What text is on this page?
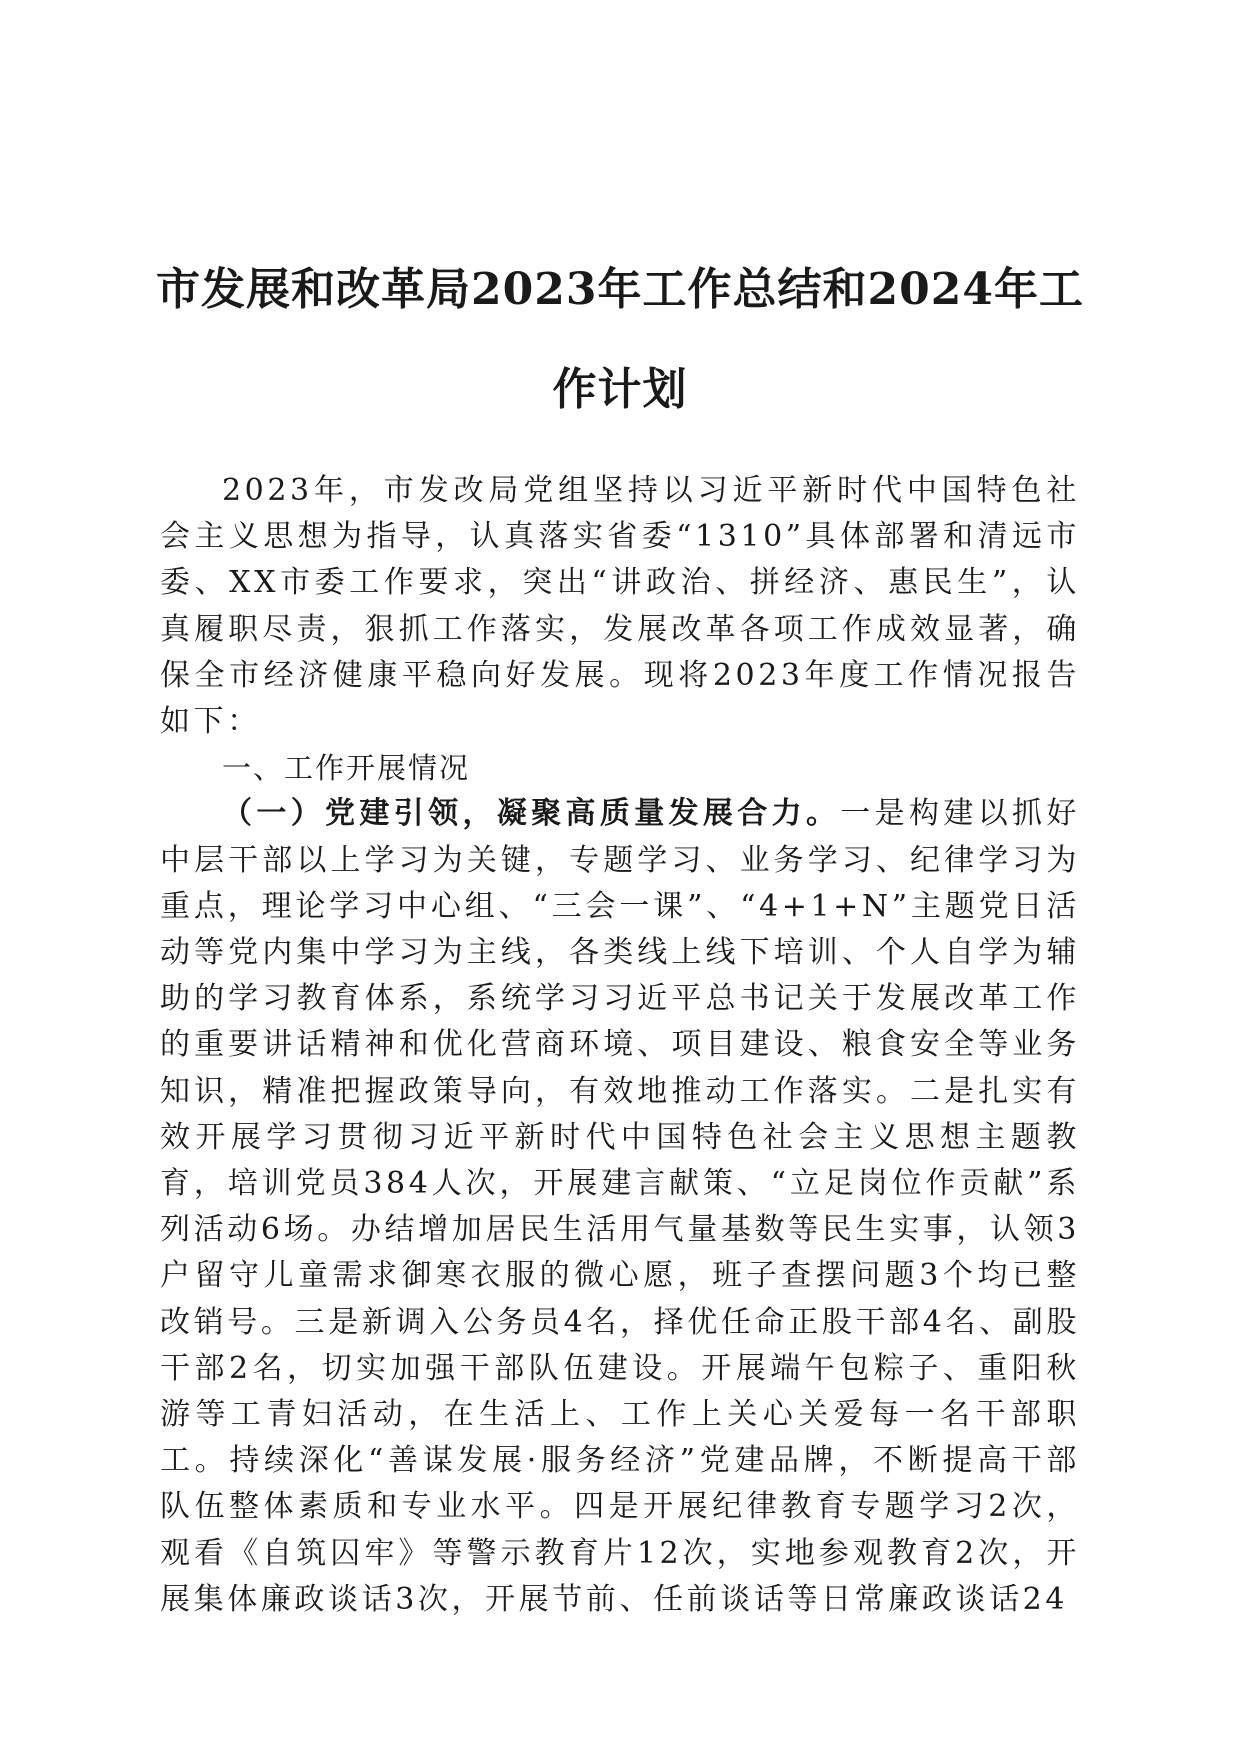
市发展和改革局2023年工作总结和2024年工
作计划

2023年，市发改局党组坚持以习近平新时代中国特色社会主义思想为指导，认真落实省委“1310”具体部署和清远市委、XX市委工作要求，突出“讲政治、拼经济、惠民生”，认真履职尽责，狠抓工作落实，发展改革各项工作成效显著，确保全市经济健康平稳向好发展。现将2023年度工作情况报告如下：

一、工作开展情况

（一）党建引领，凝聚高质量发展合力。一是构建以抓好中层干部以上学习为关键，专题学习、业务学习、纪律学习为重点，理论学习中心组、“三会一课”、“4+1+N”主题党日活动等党内集中学习为主线，各类线上线下培训、个人自学为辅助的学习教育体系，系统学习习近平总书记关于发展改革工作的重要讲话精神和优化营商环境、项目建设、粮食安全等业务知识，精准把握政策导向，有效地推动工作落实。二是扎实有效开展学习贯彻习近平新时代中国特色社会主义思想主题教育，培训党员384人次，开展建言献策、“立足岗位作贡献”系列活动6场。办结增加居民生活用气量基数等民生实事，认领3户留守儿童需求御寒衣服的微心愿，班子查摆问题3个均已整改销号。三是新调入公务员4名，择优任命正股干部4名、副股干部2名，切实加强干部队伍建设。开展端午包粽子、重阳秋游等工青妇活动，在生活上、工作上关心关爱每一名干部职工。持续深化“善谋发展·服务经济”党建品牌，不断提高干部队伍整体素质和专业水平。四是开展纪律教育专题学习2次，观看《自筑囚牢》等警示教育片12次，实地参观教育2次，开展集体廉政谈话3次，开展节前、任前谈话等日常廉政谈话24
